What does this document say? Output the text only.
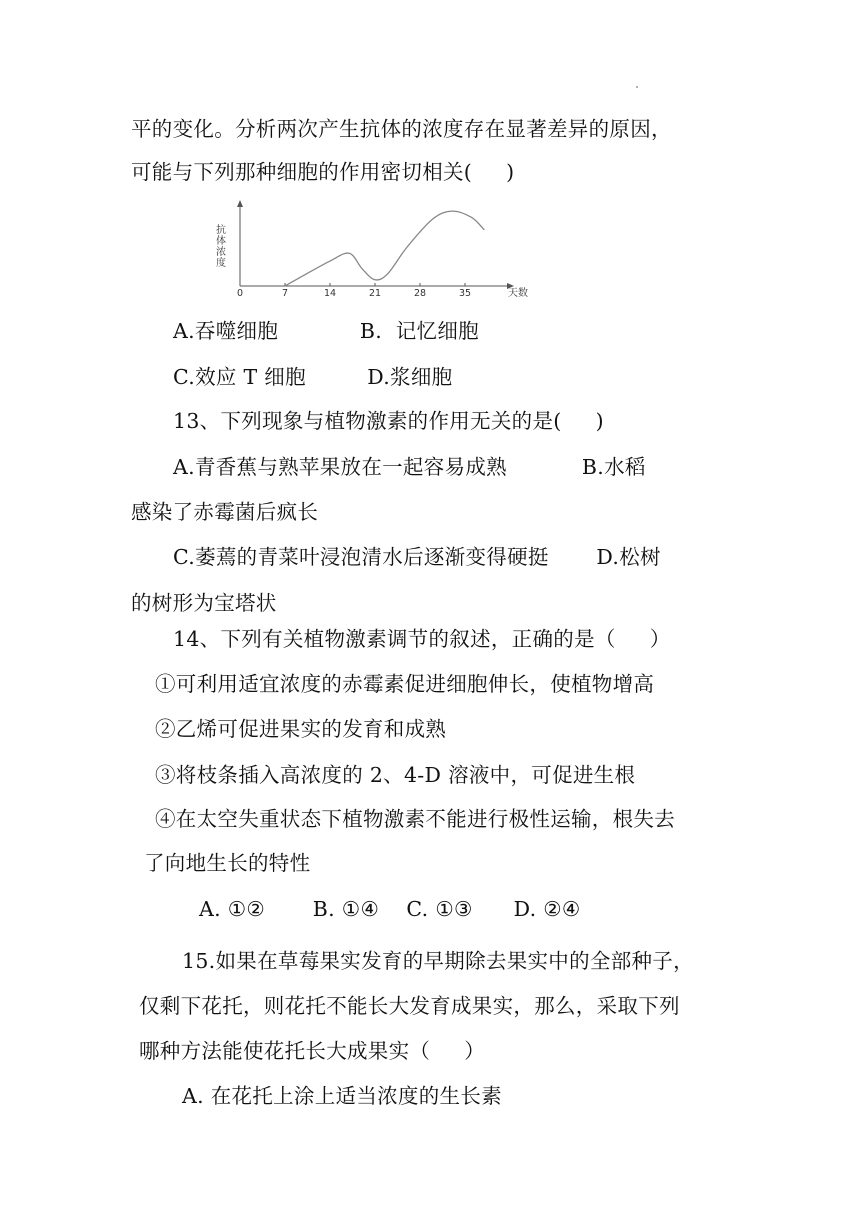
平的变化。分析两次产生抗体的浓度存在显著差异的原因，
可能与下列那种细胞的作用密切相关(     )
抗
体
浓
度
0	7	14	21	28	35	天数
A.吞噬细胞            B.  记忆细胞
C.效应 T 细胞         D.浆细胞
13、下列现象与植物激素的作用无关的是(     )
A.青香蕉与熟苹果放在一起容易成熟           B.水稻
感染了赤霉菌后疯长
C.萎蔫的青菜叶浸泡清水后逐渐变得硬挺       D.松树
的树形为宝塔状
14、下列有关植物激素调节的叙述，正确的是（     ）
①可利用适宜浓度的赤霉素促进细胞伸长，使植物增高
②乙烯可促进果实的发育和成熟
③将枝条插入高浓度的 2、4-D 溶液中，可促进生根
④在太空失重状态下植物激素不能进行极性运输，根失去
了向地生长的特性
A. ①②       B. ①④    C. ①③      D. ②④
15.如果在草莓果实发育的早期除去果实中的全部种子，
仅剩下花托，则花托不能长大发育成果实，那么，采取下列
哪种方法能使花托长大成果实（     ）
A. 在花托上涂上适当浓度的生长素
